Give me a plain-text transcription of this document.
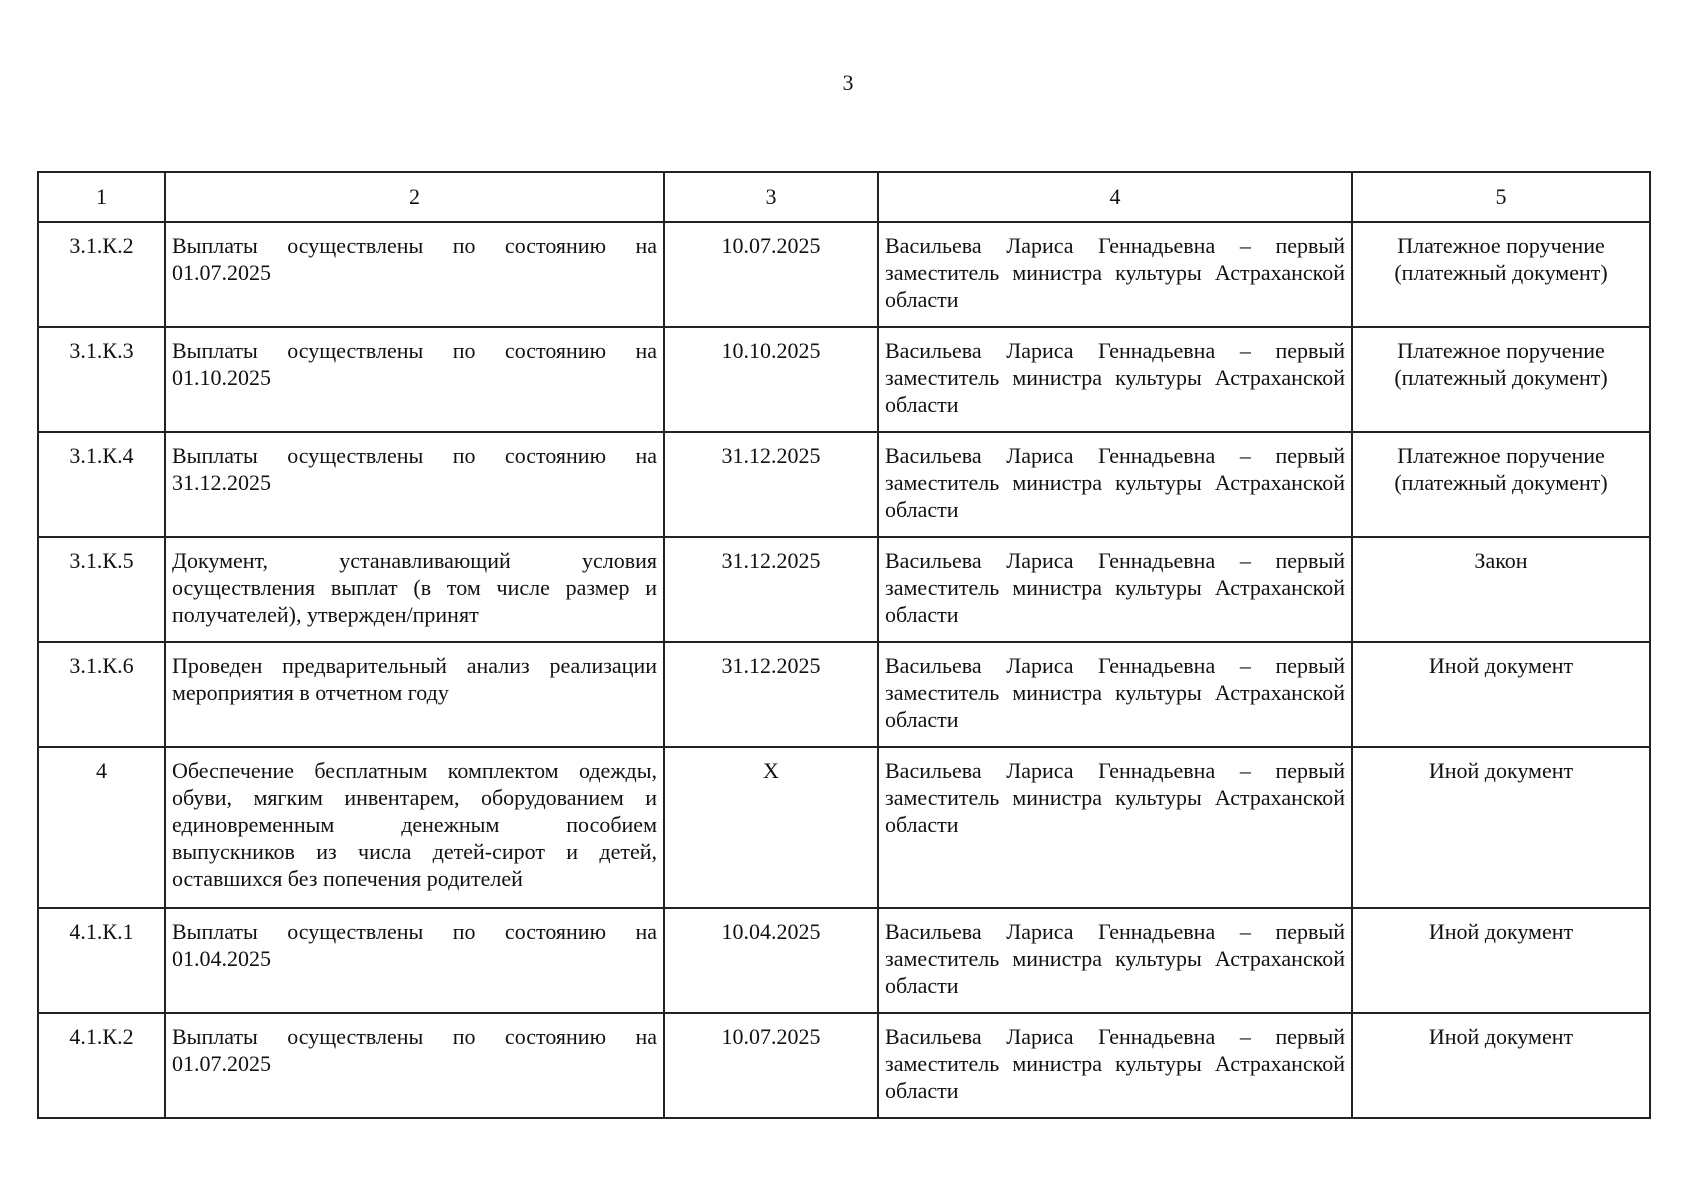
3
1	2	3	4	5
3.1.К.2	Выплаты осуществлены по состоянию на 01.07.2025	10.07.2025	Васильева Лариса Геннадьевна – первый заместитель министра культуры Астраханской области	Платежное поручение (платежный документ)
3.1.К.3	Выплаты осуществлены по состоянию на 01.10.2025	10.10.2025	Васильева Лариса Геннадьевна – первый заместитель министра культуры Астраханской области	Платежное поручение (платежный документ)
3.1.К.4	Выплаты осуществлены по состоянию на 31.12.2025	31.12.2025	Васильева Лариса Геннадьевна – первый заместитель министра культуры Астраханской области	Платежное поручение (платежный документ)
3.1.К.5	Документ, устанавливающий условия осуществления выплат (в том числе размер и получателей), утвержден/принят	31.12.2025	Васильева Лариса Геннадьевна – первый заместитель министра культуры Астраханской области	Закон
3.1.К.6	Проведен предварительный анализ реализации мероприятия в отчетном году	31.12.2025	Васильева Лариса Геннадьевна – первый заместитель министра культуры Астраханской области	Иной документ
4	Обеспечение бесплатным комплектом одежды, обуви, мягким инвентарем, оборудованием и единовременным денежным пособием выпускников из числа детей-сирот и детей, оставшихся без попечения родителей	X	Васильева Лариса Геннадьевна – первый заместитель министра культуры Астраханской области	Иной документ
4.1.К.1	Выплаты осуществлены по состоянию на 01.04.2025	10.04.2025	Васильева Лариса Геннадьевна – первый заместитель министра культуры Астраханской области	Иной документ
4.1.К.2	Выплаты осуществлены по состоянию на 01.07.2025	10.07.2025	Васильева Лариса Геннадьевна – первый заместитель министра культуры Астраханской области	Иной документ
